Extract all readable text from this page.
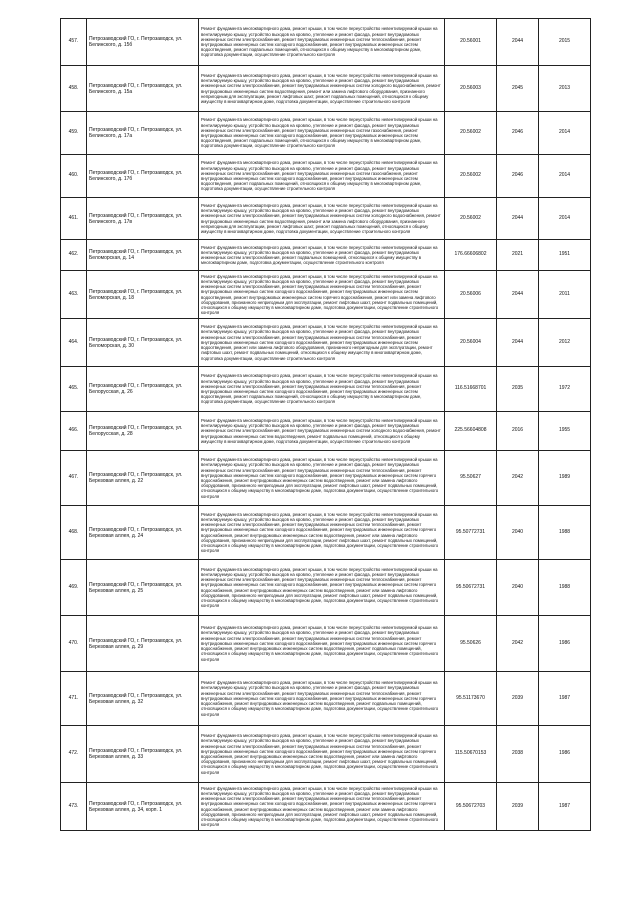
457.	Петрозаводский ГО, г. Петрозаводск, ул. Белинского, д. 15б	Ремонт фундамента многоквартирного дома, ремонт крыши, в том числе переустройство невентилируемой крыши на вентилируемую крышу, устройство выходов на кровлю, утепление и ремонт фасада, ремонт внутридомовых инженерных систем электроснабжения, ремонт внутридомовых инженерных систем теплоснабжения, ремонт внутридомовых инженерных систем холодного водоснабжения, ремонт внутридомовых инженерных систем водоотведения, ремонт подвальных помещений, относящихся к общему имуществу в многоквартирном доме, подготовка документации, осуществление строительного контроля	20.56001	2044	2015
458.	Петрозаводский ГО, г. Петрозаводск, ул. Белинского, д. 15а	Ремонт фундамента многоквартирного дома, ремонт крыши, в том числе переустройство невентилируемой крыши на вентилируемую крышу, устройство выходов на кровлю, утепление и ремонт фасада, ремонт внутридомовых инженерных систем электроснабжения, ремонт внутридомовых инженерных систем холодного водоснабжения, ремонт внутридомовых инженерных систем водоотведения, ремонт или замена лифтового оборудования, признанного непригодным для эксплуатации, ремонт лифтовых шахт, ремонт подвальных помещений, относящихся к общему имуществу в многоквартирном доме, подготовка документации, осуществление строительного контроля	20.56003	2045	2013
459.	Петрозаводский ГО, г. Петрозаводск, ул. Белинского, д. 17а	Ремонт фундамента многоквартирного дома, ремонт крыши, в том числе переустройство невентилируемой крыши на вентилируемую крышу, устройство выходов на кровлю, утепление и ремонт фасада, ремонт внутридомовых инженерных систем электроснабжения, ремонт внутридомовых инженерных систем газоснабжения, ремонт внутридомовых инженерных систем холодного водоснабжения, ремонт внутридомовых инженерных систем водоотведения, ремонт подвальных помещений, относящихся к общему имуществу в многоквартирном доме, подготовка документации, осуществление строительного контроля	20.56002	2046	2014
460.	Петрозаводский ГО, г. Петрозаводск, ул. Белинского, д. 17б	Ремонт фундамента многоквартирного дома, ремонт крыши, в том числе переустройство невентилируемой крыши на вентилируемую крышу, устройство выходов на кровлю, утепление и ремонт фасада, ремонт внутридомовых инженерных систем электроснабжения, ремонт внутридомовых инженерных систем газоснабжения, ремонт внутридомовых инженерных систем холодного водоснабжения, ремонт внутридомовых инженерных систем водоотведения, ремонт подвальных помещений, относящихся к общему имуществу в многоквартирном доме, подготовка документации, осуществление строительного контроля	20.56002	2046	2014
461.	Петрозаводский ГО, г. Петрозаводск, ул. Белинского, д. 17в	Ремонт фундамента многоквартирного дома, ремонт крыши, в том числе переустройство невентилируемой крыши на вентилируемую крышу, устройство выходов на кровлю, утепление и ремонт фасада, ремонт внутридомовых инженерных систем электроснабжения, ремонт внутридомовых инженерных систем холодного водоснабжения, ремонт внутридомовых инженерных систем водоотведения, ремонт или замена лифтового оборудования, признанного непригодным для эксплуатации, ремонт лифтовых шахт, ремонт подвальных помещений, относящихся к общему имуществу в многоквартирном доме, подготовка документации, осуществление строительного контроля	20.56002	2044	2014
462.	Петрозаводский ГО, г. Петрозаводск, ул. Беломорская, д. 14	Ремонт фундамента многоквартирного дома, ремонт крыши, в том числе переустройство невентилируемой крыши на вентилируемую крышу, устройство выходов на кровлю, утепление и ремонт фасада, ремонт внутридомовых инженерных систем электроснабжения, ремонт подвальных помещений, относящихся к общему имуществу в многоквартирном доме, подготовка документации, осуществление строительного контроля	176.66606802	2021	1951
463.	Петрозаводский ГО, г. Петрозаводск, ул. Беломорская, д. 18	Ремонт фундамента многоквартирного дома, ремонт крыши, в том числе переустройство невентилируемой крыши на вентилируемую крышу, устройство выходов на кровлю, утепление и ремонт фасада, ремонт внутридомовых инженерных систем электроснабжения, ремонт внутридомовых инженерных систем теплоснабжения, ремонт внутридомовых инженерных систем холодного водоснабжения, ремонт внутридомовых инженерных систем водоотведения, ремонт внутридомовых инженерных систем горячего водоснабжения, ремонт или замена лифтового оборудования, признанного непригодным для эксплуатации, ремонт лифтовых шахт, ремонт подвальных помещений, относящихся к общему имуществу в многоквартирном доме, подготовка документации, осуществление строительного контроля	20.56006	2044	2011
464.	Петрозаводский ГО, г. Петрозаводск, ул. Беломорская, д. 30	Ремонт фундамента многоквартирного дома, ремонт крыши, в том числе переустройство невентилируемой крыши на вентилируемую крышу, устройство выходов на кровлю, утепление и ремонт фасада, ремонт внутридомовых инженерных систем электроснабжения, ремонт внутридомовых инженерных систем теплоснабжения, ремонт внутридомовых инженерных систем холодного водоснабжения, ремонт внутридомовых инженерных систем водоотведения, ремонт или замена лифтового оборудования, признанного непригодным для эксплуатации, ремонт лифтовых шахт, ремонт подвальных помещений, относящихся к общему имуществу в многоквартирном доме, подготовка документации, осуществление строительного контроля	20.56004	2044	2012
465.	Петрозаводский ГО, г. Петрозаводск, ул. Белорусская, д. 26	Ремонт фундамента многоквартирного дома, ремонт крыши, в том числе переустройство невентилируемой крыши на вентилируемую крышу, устройство выходов на кровлю, утепление и ремонт фасада, ремонт внутридомовых инженерных систем электроснабжения, ремонт внутридомовых инженерных систем теплоснабжения, ремонт внутридомовых инженерных систем холодного водоснабжения, ремонт внутридомовых инженерных систем водоотведения, ремонт подвальных помещений, относящихся к общему имуществу в многоквартирном доме, подготовка документации, осуществление строительного контроля	116.51668701	2035	1972
466.	Петрозаводский ГО, г. Петрозаводск, ул. Белорусская, д. 28	Ремонт фундамента многоквартирного дома, ремонт крыши, в том числе переустройство невентилируемой крыши на вентилируемую крышу, устройство выходов на кровлю, утепление и ремонт фасада, ремонт внутридомовых инженерных систем электроснабжения, ремонт внутридомовых инженерных систем холодного водоснабжения, ремонт внутридомовых инженерных систем водоотведения, ремонт подвальных помещений, относящихся к общему имуществу в многоквартирном доме, подготовка документации, осуществление строительного контроля	225.56604808	2016	1955
467.	Петрозаводский ГО, г. Петрозаводск, ул. Березовая аллея, д. 22	Ремонт фундамента многоквартирного дома, ремонт крыши, в том числе переустройство невентилируемой крыши на вентилируемую крышу, устройство выходов на кровлю, утепление и ремонт фасада, ремонт внутридомовых инженерных систем электроснабжения, ремонт внутридомовых инженерных систем теплоснабжения, ремонт внутридомовых инженерных систем холодного водоснабжения, ремонт внутридомовых инженерных систем горячего водоснабжения, ремонт внутридомовых инженерных систем водоотведения, ремонт или замена лифтового оборудования, признанного непригодным для эксплуатации, ремонт лифтовых шахт, ремонт подвальных помещений, относящихся к общему имуществу в многоквартирном доме, подготовка документации, осуществление строительного контроля	95.50627	2042	1989
468.	Петрозаводский ГО, г. Петрозаводск, ул. Березовая аллея, д. 24	Ремонт фундамента многоквартирного дома, ремонт крыши, в том числе переустройство невентилируемой крыши на вентилируемую крышу, устройство выходов на кровлю, утепление и ремонт фасада, ремонт внутридомовых инженерных систем электроснабжения, ремонт внутридомовых инженерных систем теплоснабжения, ремонт внутридомовых инженерных систем холодного водоснабжения, ремонт внутридомовых инженерных систем горячего водоснабжения, ремонт внутридомовых инженерных систем водоотведения, ремонт или замена лифтового оборудования, признанного непригодным для эксплуатации, ремонт лифтовых шахт, ремонт подвальных помещений, относящихся к общему имуществу в многоквартирном доме, подготовка документации, осуществление строительного контроля	95.50772731	2040	1988
469.	Петрозаводский ГО, г. Петрозаводск, ул. Березовая аллея, д. 25	Ремонт фундамента многоквартирного дома, ремонт крыши, в том числе переустройство невентилируемой крыши на вентилируемую крышу, устройство выходов на кровлю, утепление и ремонт фасада, ремонт внутридомовых инженерных систем электроснабжения, ремонт внутридомовых инженерных систем теплоснабжения, ремонт внутридомовых инженерных систем холодного водоснабжения, ремонт внутридомовых инженерных систем горячего водоснабжения, ремонт внутридомовых инженерных систем водоотведения, ремонт или замена лифтового оборудования, признанного непригодным для эксплуатации, ремонт лифтовых шахт, ремонт подвальных помещений, относящихся к общему имуществу в многоквартирном доме, подготовка документации, осуществление строительного контроля	95.50672731	2040	1988
470.	Петрозаводский ГО, г. Петрозаводск, ул. Березовая аллея, д. 29	Ремонт фундамента многоквартирного дома, ремонт крыши, в том числе переустройство невентилируемой крыши на вентилируемую крышу, устройство выходов на кровлю, утепление и ремонт фасада, ремонт внутридомовых инженерных систем электроснабжения, ремонт внутридомовых инженерных систем теплоснабжения, ремонт внутридомовых инженерных систем холодного водоснабжения, ремонт внутридомовых инженерных систем горячего водоснабжения, ремонт внутридомовых инженерных систем водоотведения, ремонт подвальных помещений, относящихся к общему имуществу в многоквартирном доме, подготовка документации, осуществление строительного контроля	95.50626	2042	1986
471.	Петрозаводский ГО, г. Петрозаводск, ул. Березовая аллея, д. 32	Ремонт фундамента многоквартирного дома, ремонт крыши, в том числе переустройство невентилируемой крыши на вентилируемую крышу, устройство выходов на кровлю, утепление и ремонт фасада, ремонт внутридомовых инженерных систем электроснабжения, ремонт внутридомовых инженерных систем теплоснабжения, ремонт внутридомовых инженерных систем холодного водоснабжения, ремонт внутридомовых инженерных систем горячего водоснабжения, ремонт внутридомовых инженерных систем водоотведения, ремонт подвальных помещений, относящихся к общему имуществу в многоквартирном доме, подготовка документации, осуществление строительного контроля	95.51173670	2039	1987
472.	Петрозаводский ГО, г. Петрозаводск, ул. Березовая аллея, д. 33	Ремонт фундамента многоквартирного дома, ремонт крыши, в том числе переустройство невентилируемой крыши на вентилируемую крышу, устройство выходов на кровлю, утепление и ремонт фасада, ремонт внутридомовых инженерных систем электроснабжения, ремонт внутридомовых инженерных систем теплоснабжения, ремонт внутридомовых инженерных систем холодного водоснабжения, ремонт внутридомовых инженерных систем горячего водоснабжения, ремонт внутридомовых инженерных систем водоотведения, ремонт или замена лифтового оборудования, признанного непригодным для эксплуатации, ремонт лифтовых шахт, ремонт подвальных помещений, относящихся к общему имуществу в многоквартирном доме, подготовка документации, осуществление строительного контроля	115.50670153	2038	1986
473.	Петрозаводский ГО, г. Петрозаводск, ул. Березовая аллея, д. 34, корп. 1	Ремонт фундамента многоквартирного дома, ремонт крыши, в том числе переустройство невентилируемой крыши на вентилируемую крышу, устройство выходов на кровлю, утепление и ремонт фасада, ремонт внутридомовых инженерных систем электроснабжения, ремонт внутридомовых инженерных систем теплоснабжения, ремонт внутридомовых инженерных систем холодного водоснабжения, ремонт внутридомовых инженерных систем горячего водоснабжения, ремонт внутридомовых инженерных систем водоотведения, ремонт или замена лифтового оборудования, признанного непригодным для эксплуатации, ремонт лифтовых шахт, ремонт подвальных помещений, относящихся к общему имуществу в многоквартирном доме, подготовка документации, осуществление строительного контроля	95.50672703	2039	1987
